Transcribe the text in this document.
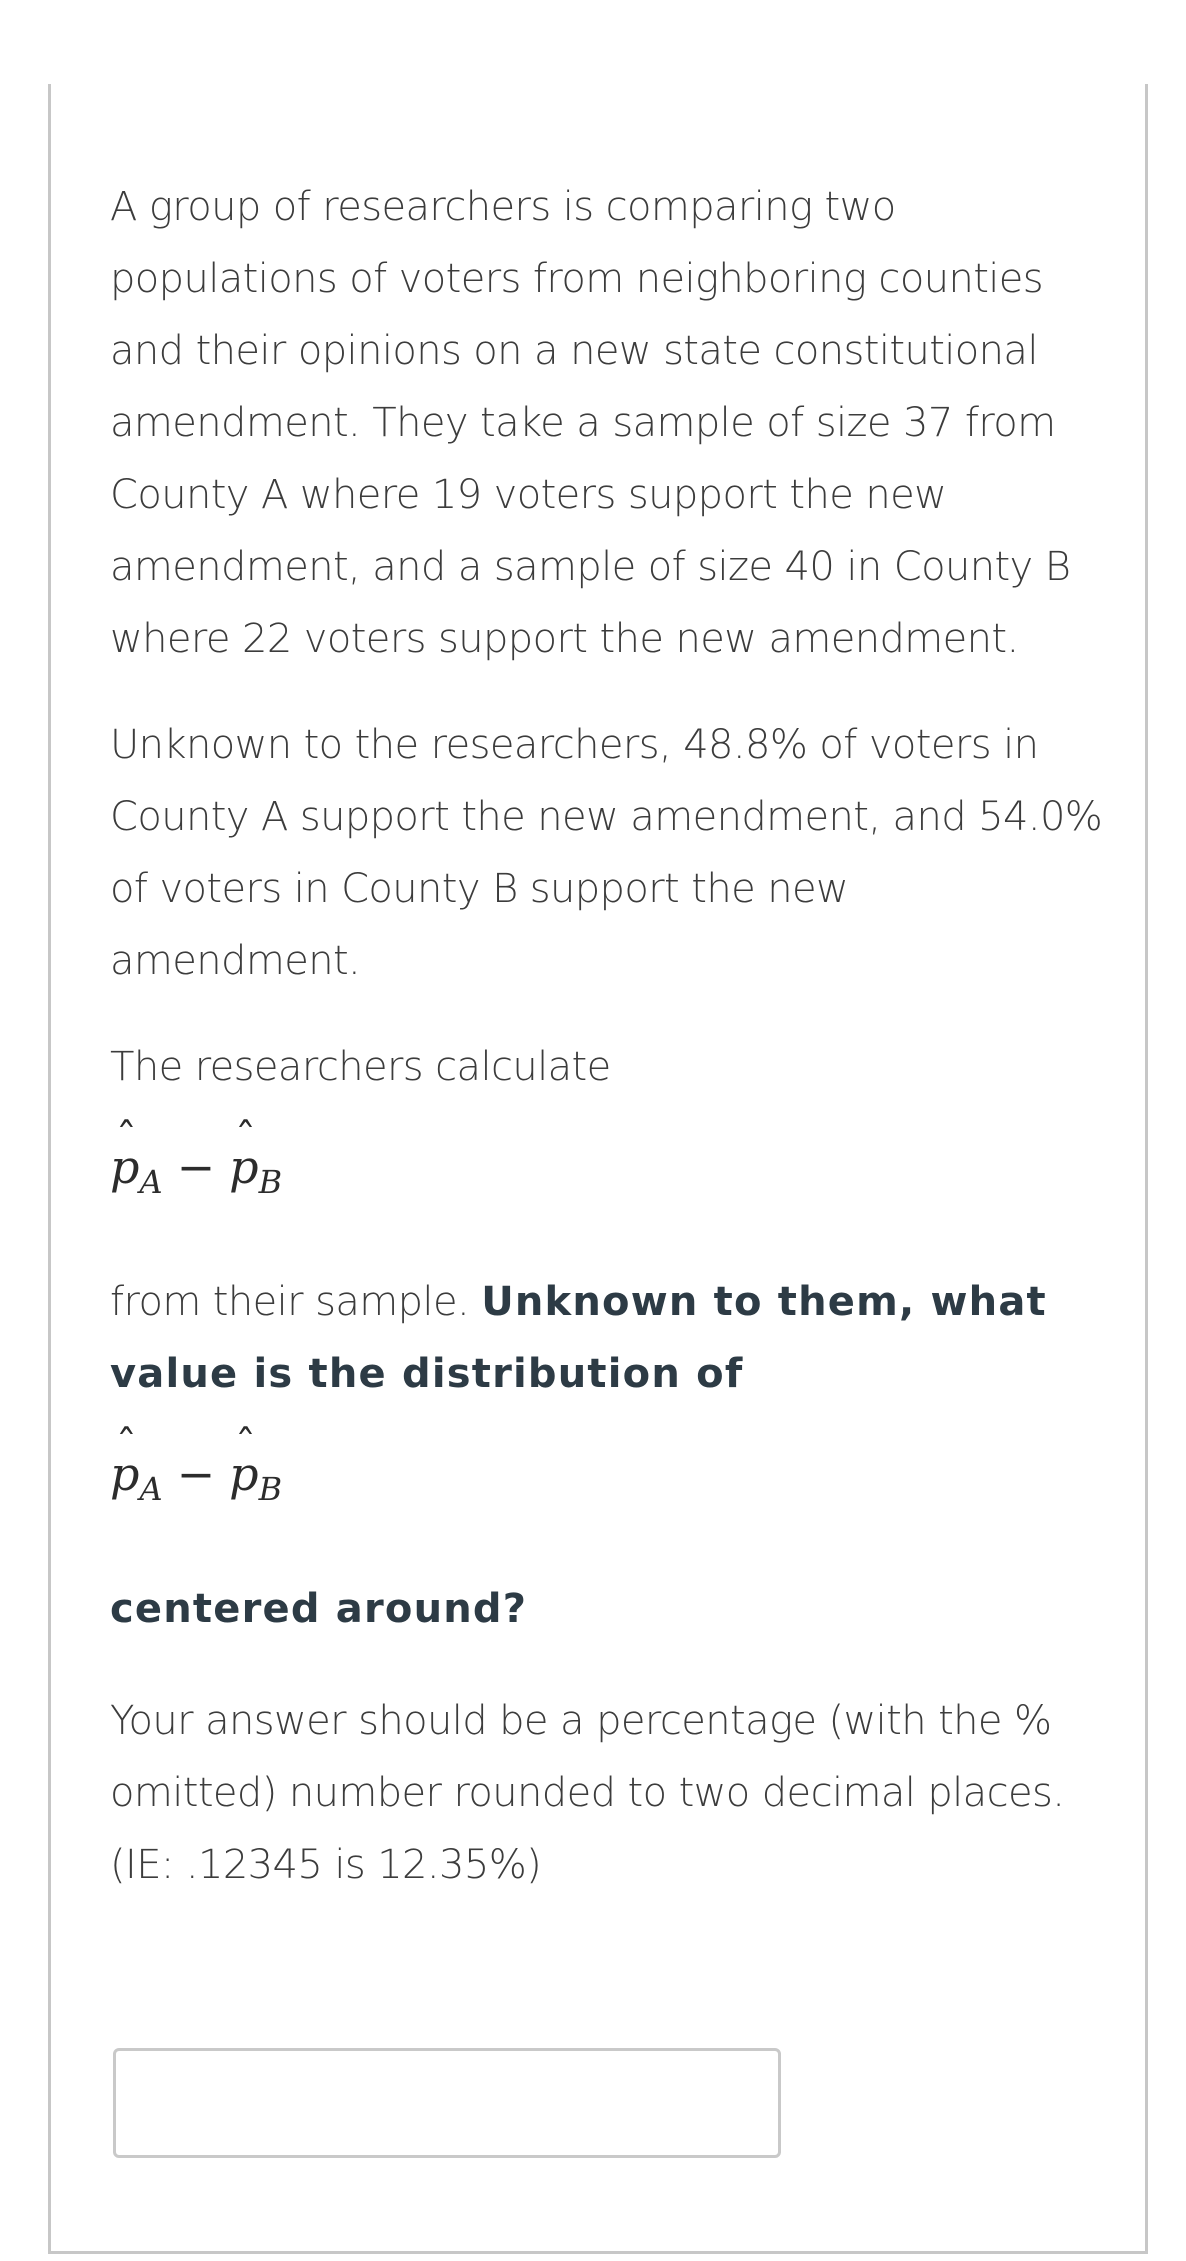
A group of researchers is comparing two populations of voters from neighboring counties and their opinions on a new state constitutional amendment. They take a sample of size 37 from County A where 19 voters support the new amendment, and a sample of size 40 in County B where 22 voters support the new amendment.

Unknown to the researchers, 48.8% of voters in County A support the new amendment, and 54.0% of voters in County B support the new amendment.

The researchers calculate

ˆ $p_A$ − ˆ $p_B$

from their sample. Unknown to them, what value is the distribution of

ˆ $p_A$ − ˆ $p_B$

centered around?

Your answer should be a percentage (with the % omitted) number rounded to two decimal places. (IE: .12345 is 12.35%)
